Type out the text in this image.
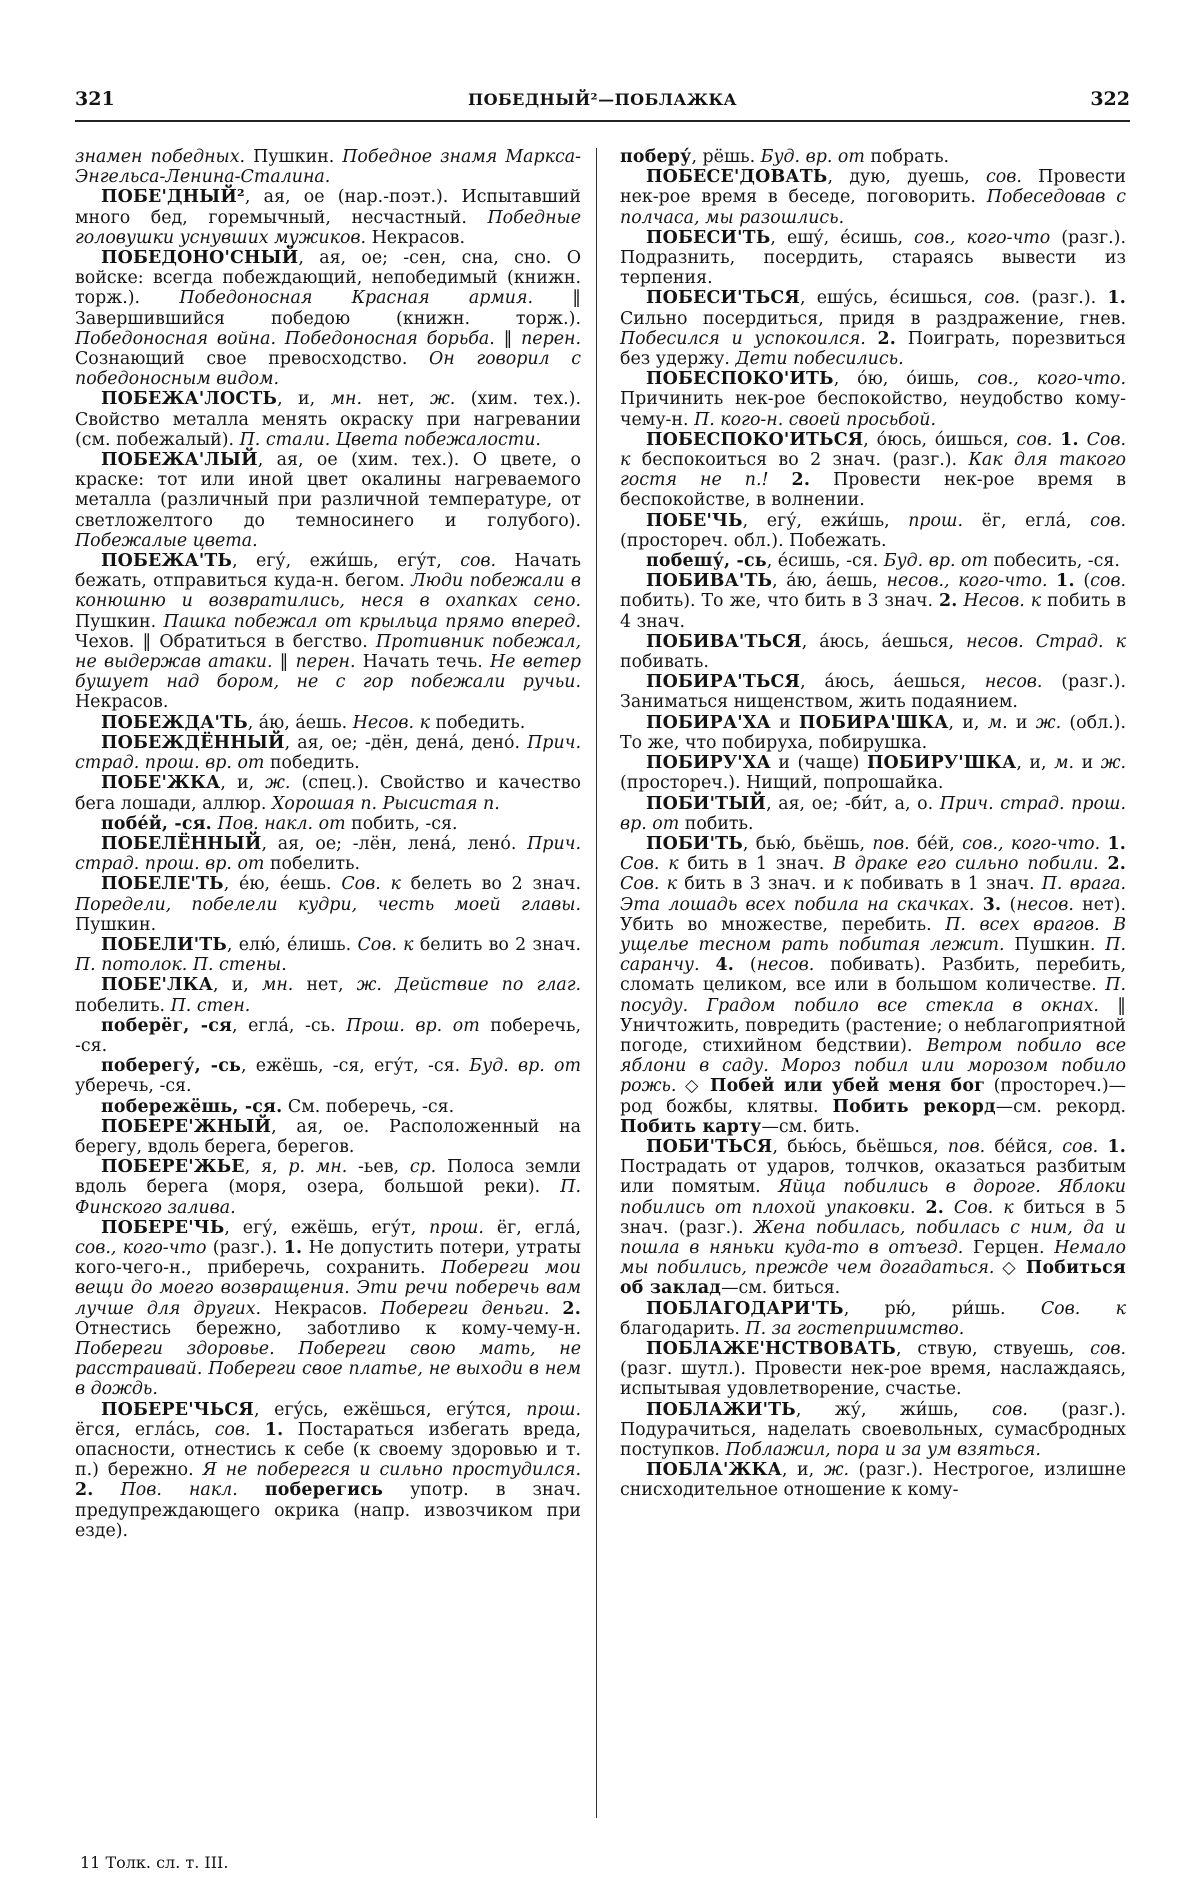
321	ПОБЕДНЫЙ²—ПОБЛАЖКА	322

знамен победных. Пушкин. Победное знамя Маркса-Энгельса-Ленина-Сталина.

ПОБЕ'ДНЫЙ², ая, ое (нар.-поэт.). Испытавший много бед, горемычный, несчастный. Победные головушки уснувших мужиков. Некрасов.

ПОБЕДОНО'СНЫЙ, ая, ое; -сен, сна, сно. О войске: всегда побеждающий, непобедимый (книжн. торж.). Победоносная Красная армия. ‖ Завершившийся победою (книжн. торж.). Победоносная война. Победоносная борьба. ‖ перен. Сознающий свое превосходство. Он говорил с победоносным видом.

ПОБЕЖА'ЛОСТЬ, и, мн. нет, ж. (хим. тех.). Свойство металла менять окраску при нагревании (см. побежалый). П. стали. Цвета побежалости.

ПОБЕЖА'ЛЫЙ, ая, ое (хим. тех.). О цвете, о краске: тот или иной цвет окалины нагреваемого металла (различный при различной температуре, от светложелтого до темносинего и голубого). Побежалые цвета.

ПОБЕЖА'ТЬ, егу́, ежи́шь, егу́т, сов. Начать бежать, отправиться куда-н. бегом. Люди побежали в конюшню и возвратились, неся в охапках сено. Пушкин. Пашка побежал от крыльца прямо вперед. Чехов. ‖ Обратиться в бегство. Противник побежал, не выдержав атаки. ‖ перен. Начать течь. Не ветер бушует над бором, не с гор побежали ручьи. Некрасов.

ПОБЕЖДА'ТЬ, а́ю, а́ешь. Несов. к победить.

ПОБЕЖДЁННЫЙ, ая, ое; -дён, дена́, дено́. Прич. страд. прош. вр. от победить.

ПОБЕ'ЖКА, и, ж. (спец.). Свойство и качество бега лошади, аллюр. Хорошая п. Рысистая п.

побе́й, -ся. Пов. накл. от побить, -ся.

ПОБЕЛЁННЫЙ, ая, ое; -лён, лена́, лено́. Прич. страд. прош. вр. от побелить.

ПОБЕЛЕ'ТЬ, е́ю, е́ешь. Сов. к белеть во 2 знач. Поредели, побелели кудри, честь моей главы. Пушкин.

ПОБЕЛИ'ТЬ, елю́, е́лишь. Сов. к белить во 2 знач. П. потолок. П. стены.

ПОБЕ'ЛКА, и, мн. нет, ж. Действие по глаг. побелить. П. стен.

поберёг, -ся, егла́, -сь. Прош. вр. от поберечь, -ся.

поберегу́, -сь, ежёшь, -ся, егу́т, -ся. Буд. вр. от уберечь, -ся.

побережёшь, -ся. См. поберечь, -ся.

ПОБЕРЕ'ЖНЫЙ, ая, ое. Расположенный на берегу, вдоль берега, берегов.

ПОБЕРЕ'ЖЬЕ, я, р. мн. -ьев, ср. Полоса земли вдоль берега (моря, озера, большой реки). П. Финского залива.

ПОБЕРЕ'ЧЬ, егу́, ежёшь, егу́т, прош. ёг, егла́, сов., кого-что (разг.). 1. Не допустить потери, утраты кого-чего-н., приберечь, сохранить. Побереги мои вещи до моего возвращения. Эти речи поберечь вам лучше для других. Некрасов. Побереги деньги. 2. Отнестись бережно, заботливо к кому-чему-н. Побереги здоровье. Побереги свою мать, не расстраивай. Побереги свое платье, не выходи в нем в дождь.

ПОБЕРЕ'ЧЬСЯ, егу́сь, ежёшься, егу́тся, прош. ёгся, егла́сь, сов. 1. Постараться избегать вреда, опасности, отнестись к себе (к своему здоровью и т. п.) бережно. Я не поберегся и сильно простудился. 2. Пов. накл. поберегись употр. в знач. предупреждающего окрика (напр. извозчиком при езде).

поберу́, рёшь. Буд. вр. от побрать.

ПОБЕСЕ'ДОВАТЬ, дую, дуешь, сов. Провести нек-рое время в беседе, поговорить. Побеседовав с полчаса, мы разошлись.

ПОБЕСИ'ТЬ, ешу́, е́сишь, сов., кого-что (разг.). Подразнить, посердить, стараясь вывести из терпения.

ПОБЕСИ'ТЬСЯ, ешу́сь, е́сишься, сов. (разг.). 1. Сильно посердиться, придя в раздражение, гнев. Побесился и успокоился. 2. Поиграть, порезвиться без удержу. Дети побесились.

ПОБЕСПОКО'ИТЬ, о́ю, о́ишь, сов., кого-что. Причинить нек-рое беспокойство, неудобство кому-чему-н. П. кого-н. своей просьбой.

ПОБЕСПОКО'ИТЬСЯ, о́юсь, о́ишься, сов. 1. Сов. к беспокоиться во 2 знач. (разг.). Как для такого гостя не п.! 2. Провести нек-рое время в беспокойстве, в волнении.

ПОБЕ'ЧЬ, егу́, ежи́шь, прош. ёг, егла́, сов. (простореч. обл.). Побежать.

побешу́, -сь, е́сишь, -ся. Буд. вр. от побесить, -ся.

ПОБИВА'ТЬ, а́ю, а́ешь, несов., кого-что. 1. (сов. побить). То же, что бить в 3 знач. 2. Несов. к побить в 4 знач.

ПОБИВА'ТЬСЯ, а́юсь, а́ешься, несов. Страд. к побивать.

ПОБИРА'ТЬСЯ, а́юсь, а́ешься, несов. (разг.). Заниматься нищенством, жить подаянием.

ПОБИРА'ХА и ПОБИРА'ШКА, и, м. и ж. (обл.). То же, что побируха, побирушка.

ПОБИРУ'ХА и (чаще) ПОБИРУ'ШКА, и, м. и ж. (простореч.). Нищий, попрошайка.

ПОБИ'ТЫЙ, ая, ое; -би́т, а, о. Прич. страд. прош. вр. от побить.

ПОБИ'ТЬ, бью́, бьёшь, пов. бе́й, сов., кого-что. 1. Сов. к бить в 1 знач. В драке его сильно побили. 2. Сов. к бить в 3 знач. и к побивать в 1 знач. П. врага. Эта лошадь всех побила на скачках. 3. (несов. нет). Убить во множестве, перебить. П. всех врагов. В ущелье тесном рать побитая лежит. Пушкин. П. саранчу. 4. (несов. побивать). Разбить, перебить, сломать целиком, все или в большом количестве. П. посуду. Градом побило все стекла в окнах. ‖ Уничтожить, повредить (растение; о неблагоприятной погоде, стихийном бедствии). Ветром побило все яблони в саду. Мороз побил или морозом побило рожь. ◇ Побей или убей меня бог (простореч.)—род божбы, клятвы. Побить рекорд—см. рекорд. Побить карту—см. бить.

ПОБИ'ТЬСЯ, бью́сь, бьёшься, пов. бе́йся, сов. 1. Пострадать от ударов, толчков, оказаться разбитым или помятым. Яйца побились в дороге. Яблоки побились от плохой упаковки. 2. Сов. к биться в 5 знач. (разг.). Жена побилась, побилась с ним, да и пошла в няньки куда-то в отъезд. Герцен. Немало мы побились, прежде чем догадаться. ◇ Побиться об заклад—см. биться.

ПОБЛАГОДАРИ'ТЬ, рю́, ри́шь. Сов. к благодарить. П. за гостеприимство.

ПОБЛАЖЕ'НСТВОВАТЬ, ствую, ствуешь, сов. (разг. шутл.). Провести нек-рое время, наслаждаясь, испытывая удовлетворение, счастье.

ПОБЛАЖИ'ТЬ, жу́, жи́шь, сов. (разг.). Подурачиться, наделать своевольных, сумасбродных поступков. Поблажил, пора и за ум взяться.

ПОБЛА'ЖКА, и, ж. (разг.). Нестрогое, излишне снисходительное отношение к кому-

11 Толк. сл. т. III.
